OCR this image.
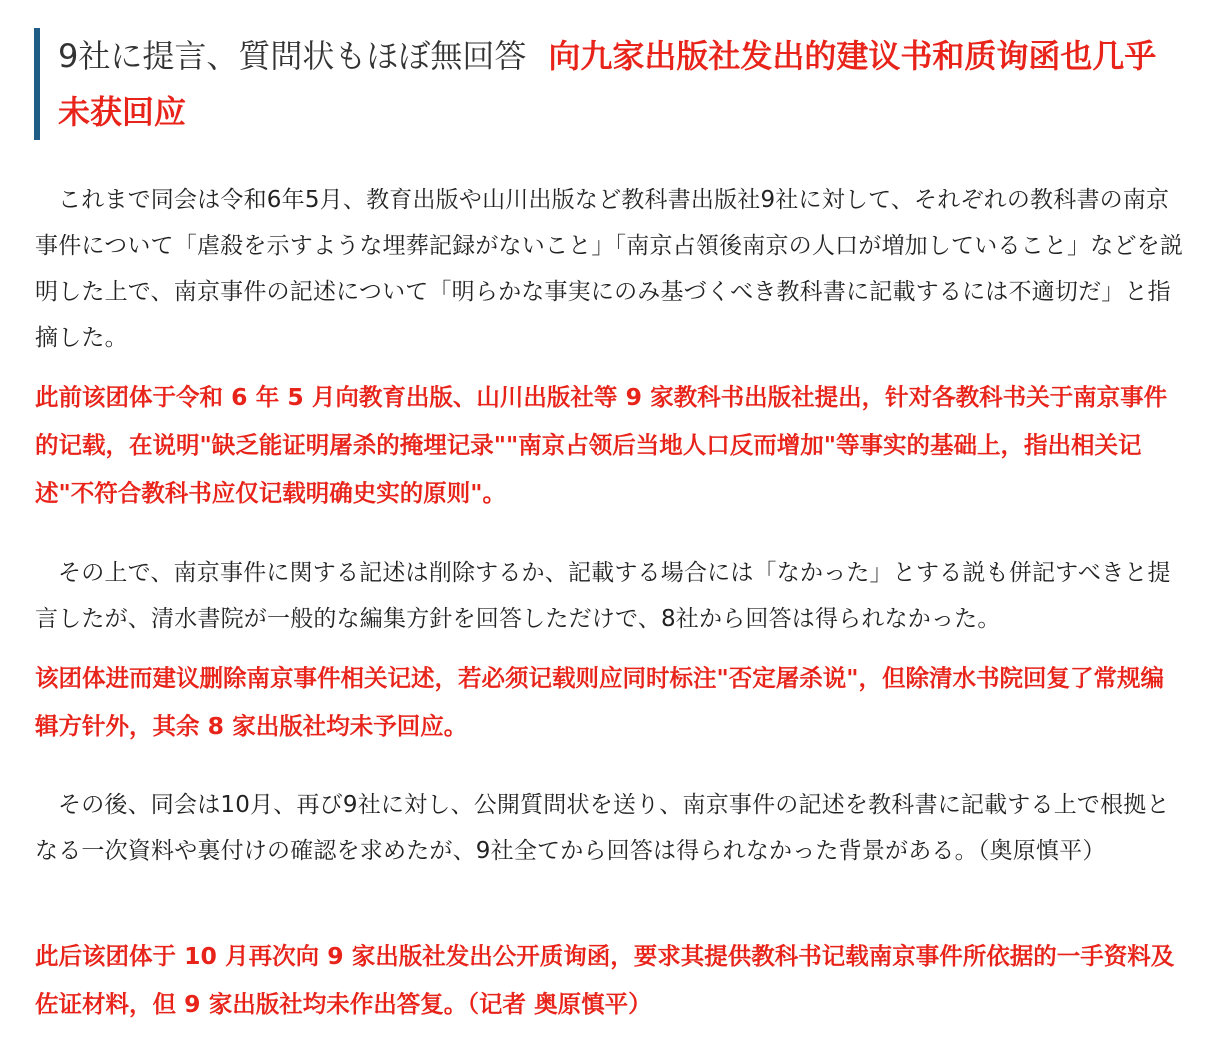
9社に提言、質問状もほぼ無回答 向九家出版社发出的建议书和质询函也几乎未获回应

これまで同会は令和6年5月、教育出版や山川出版など教科書出版社9社に対して、それぞれの教科書の南京事件について「虐殺を示すような埋葬記録がないこと」「南京占領後南京の人口が増加していること」などを説明した上で、南京事件の記述について「明らかな事実にのみ基づくべき教科書に記載するには不適切だ」と指摘した。

此前该团体于令和 6 年 5 月向教育出版、山川出版社等 9 家教科书出版社提出，针对各教科书关于南京事件的记载，在说明"缺乏能证明屠杀的掩埋记录""南京占领后当地人口反而增加"等事实的基础上，指出相关记述"不符合教科书应仅记载明确史实的原则"。

その上で、南京事件に関する記述は削除するか、記載する場合には「なかった」とする説も併記すべきと提言したが、清水書院が一般的な編集方針を回答しただけで、8社から回答は得られなかった。

该团体进而建议删除南京事件相关记述，若必须记载则应同时标注"否定屠杀说"，但除清水书院回复了常规编辑方针外，其余 8 家出版社均未予回应。

その後、同会は10月、再び9社に対し、公開質問状を送り、南京事件の記述を教科書に記載する上で根拠となる一次資料や裏付けの確認を求めたが、9社全てから回答は得られなかった背景がある。（奥原慎平）

此后该团体于 10 月再次向 9 家出版社发出公开质询函，要求其提供教科书记载南京事件所依据的一手资料及佐证材料，但 9 家出版社均未作出答复。（记者 奥原慎平）
